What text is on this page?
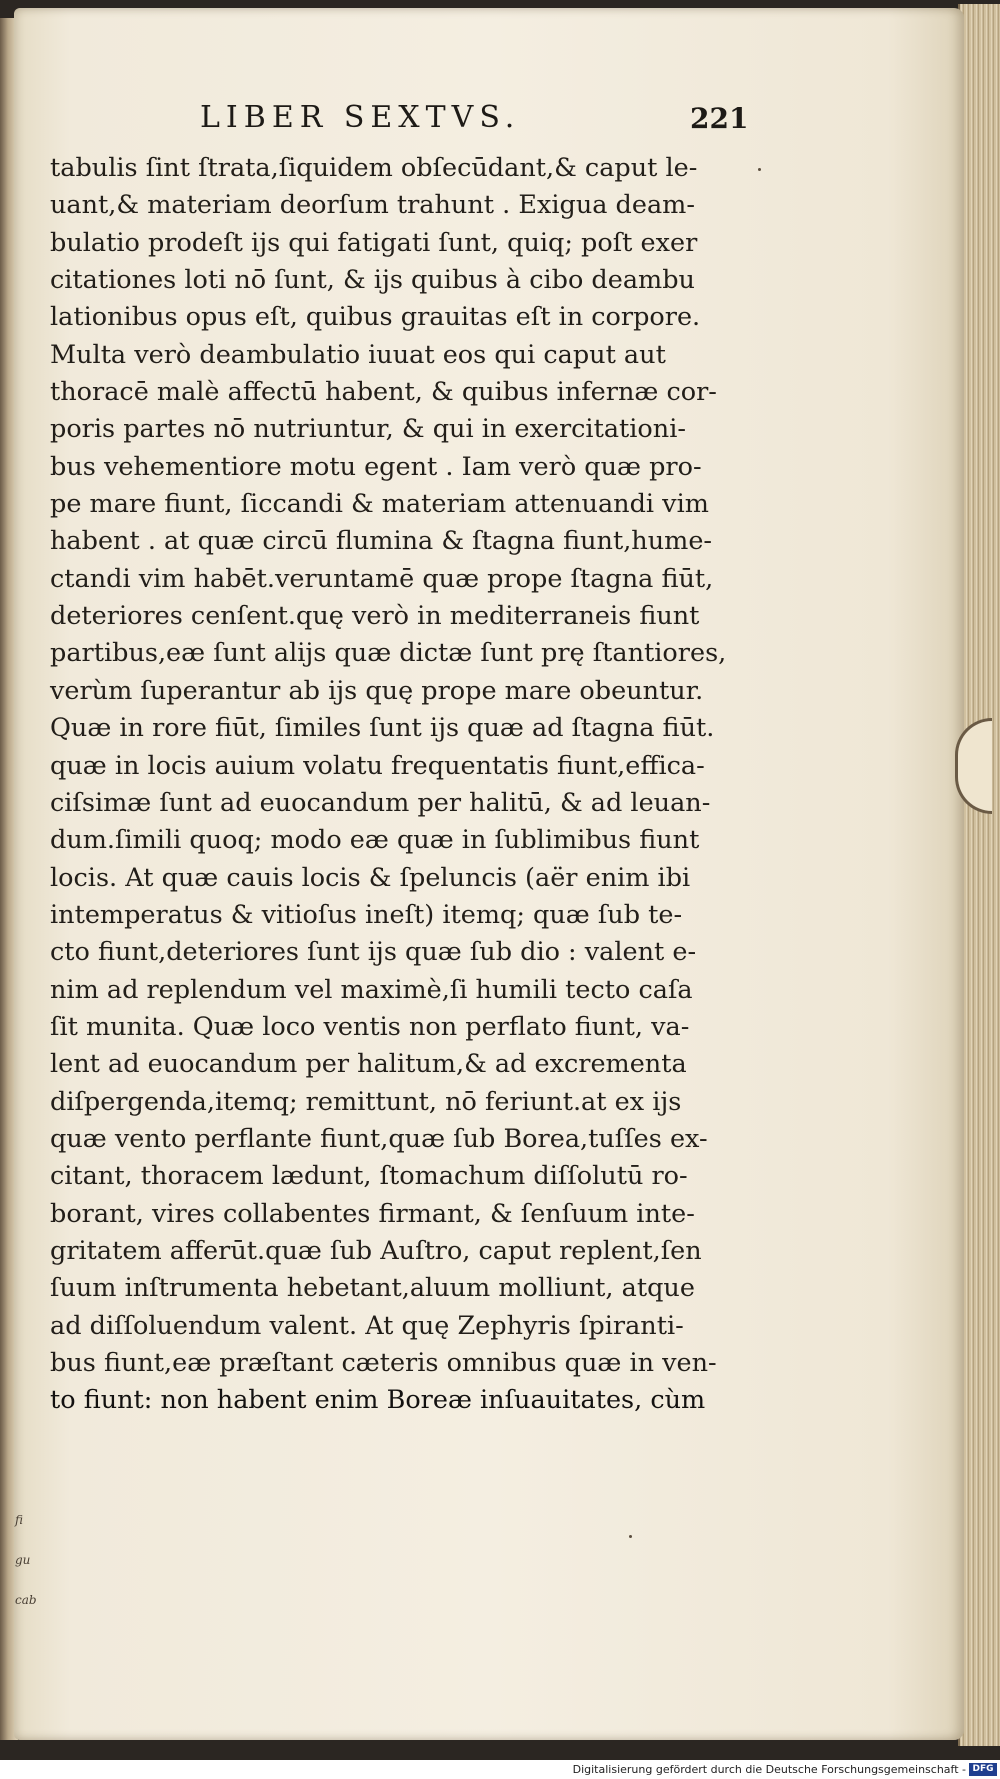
LIBER SEXTVS.	221
tabulis ſint ſtrata,ſiquidem obſecūdant,& caput le-
uant,& materiam deorſum trahunt . Exigua deam-
bulatio prodeſt ijs qui fatigati ſunt, quiq; poſt exer
citationes loti nō ſunt, & ijs quibus à cibo deambu
lationibus opus eſt, quibus grauitas eſt in corpore.
Multa verò deambulatio iuuat eos qui caput aut
thoracē malè affectū habent, & quibus infernæ cor-
poris partes nō nutriuntur, & qui in exercitationi-
bus vehementiore motu egent . Iam verò quæ pro-
pe mare fiunt, ſiccandi & materiam attenuandi vim
habent . at quæ circū flumina & ſtagna fiunt,hume-
ctandi vim habēt.veruntamē quæ prope ſtagna fiūt,
deteriores cenſent.quę verò in mediterraneis fiunt
partibus,eæ ſunt alijs quæ dictæ ſunt prę ſtantiores,
verùm ſuperantur ab ijs quę prope mare obeuntur.
Quæ in rore fiūt, ſimiles ſunt ijs quæ ad ſtagna fiūt.
quæ in locis auium volatu frequentatis fiunt,effica-
ciſsimæ ſunt ad euocandum per halitū, & ad leuan-
dum.ſimili quoq; modo eæ quæ in ſublimibus fiunt
locis. At quæ cauis locis & ſpeluncis (aër enim ibi
intemperatus & vitioſus ineſt) itemq; quæ ſub te-
cto fiunt,deteriores ſunt ijs quæ ſub dio : valent e-
nim ad replendum vel maximè,ſi humili tecto caſa
ſit munita. Quæ loco ventis non perflato fiunt, va-
lent ad euocandum per halitum,& ad excrementa
diſpergenda,itemq; remittunt, nō feriunt.at ex ijs
quæ vento perflante fiunt,quæ ſub Borea,tuſſes ex-
citant, thoracem lædunt, ſtomachum diſſolutū ro-
borant, vires collabentes firmant, & ſenſuum inte-
gritatem afferūt.quæ ſub Auſtro, caput replent,ſen
ſuum inſtrumenta hebetant,aluum molliunt, atque
ad diſſoluendum valent. At quę Zephyris ſpiranti-
bus fiunt,eæ præſtant cæteris omnibus quæ in ven-
to fiunt: non habent enim Boreæ inſuauitates, cùm
fi
gu
cab
Digitalisierung gefördert durch die Deutsche Forschungsgemeinschaft - DFG
